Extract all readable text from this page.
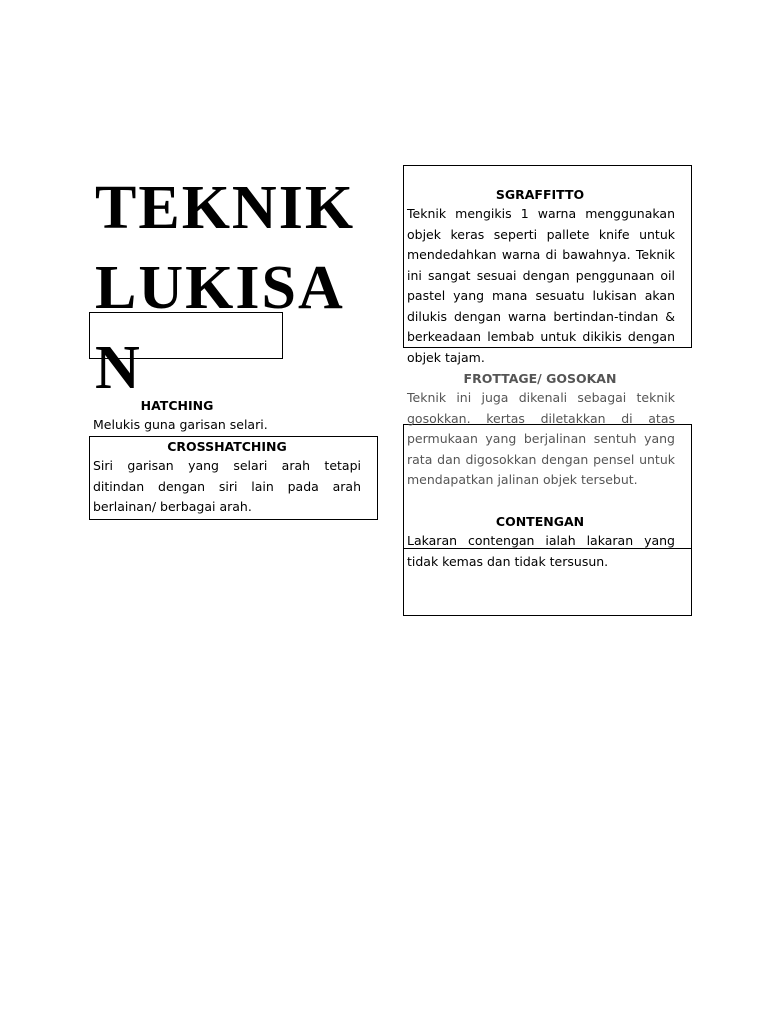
TEKNIK
LUKISA
N
HATCHING
Melukis guna garisan selari.
CROSSHATCHING
Siri garisan yang selari arah tetapi ditindan dengan siri lain pada arah berlainan/ berbagai arah.
SGRAFFITTO
Teknik mengikis 1 warna menggunakan objek keras seperti pallete knife untuk mendedahkan warna di bawahnya. Teknik ini sangat sesuai dengan penggunaan oil pastel yang mana sesuatu lukisan akan dilukis dengan warna bertindan-tindan & berkeadaan lembab untuk dikikis dengan objek tajam.
FROTTAGE/ GOSOKAN
Teknik ini juga dikenali sebagai teknik gosokkan. kertas diletakkan di atas permukaan yang berjalinan sentuh yang rata dan digosokkan dengan pensel untuk mendapatkan jalinan objek tersebut.
CONTENGAN
Lakaran contengan ialah lakaran yang tidak kemas dan tidak tersusun.
